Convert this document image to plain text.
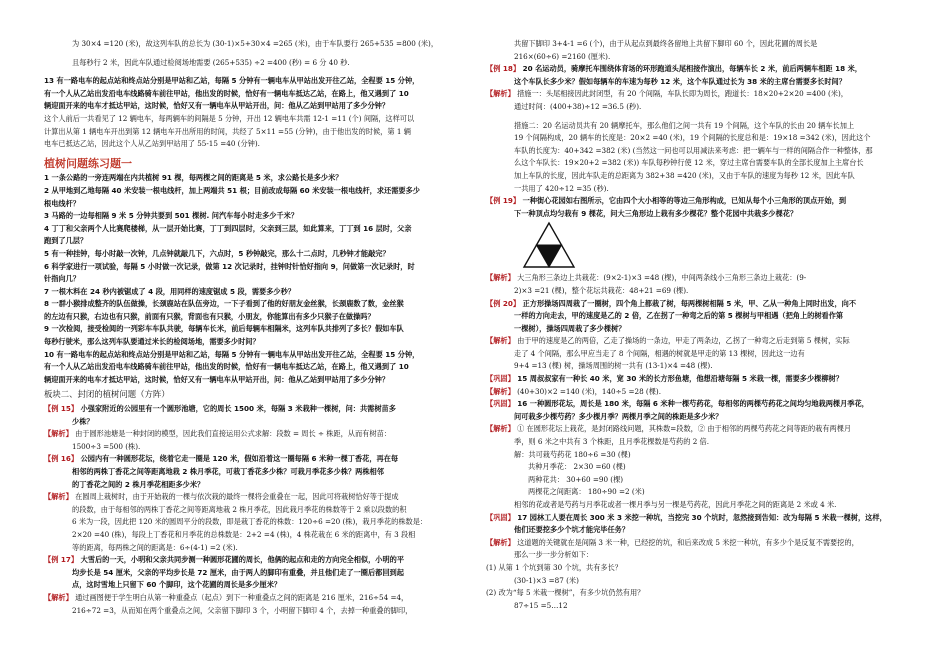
为 30×4 =120 (米)，故这列车队的总长为 (30-1)×5+30×4 =265 (米)，由于车队要行 265+535 =800 (米)，

且每秒行 2 米，因此车队通过检阅场地需要 (265+535) ÷2 =400 (秒) = 6 分 40 秒.

13 有一路电车的起点站和终点站分别是甲站和乙站，每隔 5 分钟有一辆电车从甲站出发开往乙站，全程要 15 分钟，

有一个人从乙站出发沿电车线路骑车前往甲站，他出发的时候，恰好有一辆电车抵达乙站，在路上，他又遇到了 10

辆迎面开来的电车才抵达甲站，这时候，恰好又有一辆电车从甲站开出，问：他从乙站到甲站用了多少分钟？

这个人前后一共看见了 12 辆电车，每两辆车的间隔是 5 分钟，开出 12 辆电车共需 12-1 =11 (个) 间隔，这样可以

计算出从第 1 辆电车开出到第 12 辆电车开出所用的时间，共经了 5×11 =55 (分钟)，由于他出发的时候，第 1 辆

电车已抵达乙站，因此这个人从乙站到甲站用了 55-15 =40 (分钟).

植树问题练习题一

1 一条公路的一旁连两端在内共植树 91 棵，每两棵之间的距离是 5 米，求公路长是多少米？

2 从甲地到乙地每隔 40 米安装一根电线杆，加上两端共 51 根；目前改成每隔 60 米安装一根电线杆，求还需要多少

根电线杆？

3 马路的一边每相隔 9 米 5 分钟共要到 501 棵树. 问汽车每小时走多少千米？

4 丁丁和父亲两个人比赛爬楼梯，从一层开始比赛，丁丁到四层时，父亲到三层，如此算来，丁丁到 16 层时，父亲

跑到了几层？

5 有一种挂钟，每小时敲一次钟，几点钟就敲几下，六点时，5 秒钟敲完，那么十二点时，几秒钟才能敲完？

6 科学家进行一项试验，每隔 5 小时做一次记录，做第 12 次记录时，挂钟时针恰好指向 9，问做第一次记录时，时

针指向几？

7 一根木料在 24 秒内被锯成了 4 段，用同样的速度锯成 5 段，需要多少秒？

8 一群小猴排成整齐的队伍做操，长颈鹿站在队伍旁边，一下子看到了他的好朋友金丝猴，长颈鹿数了数，金丝猴

的左边有只猴，右边也有只猴，前面有只猴，背面也有只猴，小朋友，你能算出有多少只猴子在做操吗？

9 一次检阅，接受检阅的一列彩车车队共驶，每辆车长米，前后每辆车相隔米，这列车队共排列了多长？假如车队

每秒行驶米，那么这列车队要通过米长的检阅场地，需要多少时间？

10 有一路电车的起点站和终点站分别是甲站和乙站，每隔 5 分钟有一辆电车从甲站出发开往乙站，全程要 15 分钟，

有一个人从乙站出发沿电车线路骑车前往甲站，他出发的时候，恰好有一辆电车抵达乙站，在路上，他又遇到了 10

辆迎面开来的电车才抵达甲站，这时候，恰好又有一辆电车从甲站开出，问：他从乙站到甲站用了多少分钟？

板块二、封闭的植树问题（方阵）

【例 15】 小强家附近的公园里有一个圆形池塘，它的周长 1500 米，每隔 3 米栽种一棵树，问：共需树苗多

少株？

【解析】 由于圆形池塘是一种封闭的模型，因此我们直接运用公式求解：段数 = 周长 ÷ 株距，从而有树苗：

1500÷3 =500 (株).

【例 16】 公园内有一种圆形花坛，绕着它走一圈是 120 米，假如沿着这一圈每隔 6 米种一棵丁香花，再在每

相邻的两株丁香花之间等距离地栽 2 株月季花，可栽丁香花多少株？可栽月季花多少株？两株相邻

的丁香花之间的 2 株月季花相距多少米？

【解析】 在圆周上栽树时，由于开始栽的一棵与依次栽的最终一棵将会重叠在一起，因此可将栽树恰好等于提成

的段数，由于每相邻的两株丁香花之间等距离地栽 2 株月季花，因此栽月季花的株数等于 2 乘以段数的积

6 米为一段，因此把 120 米的圆周平分的段数，即是栽丁香花的株数：120÷6 =20 (株)，栽月季花的株数是：

2×20 =40 (株)，每段上丁香花和月季花的总株数是：2+2 =4 (株)，4 株花栽在 6 米的距离中，有 3 段相

等的距离，每两株之间的距离是：6÷(4-1) =2 (米).

【例 17】 大雪后的一天，小明和父亲共同步测一种圆形花圃的周长，他俩的起点和走的方向完全相似，小明的平

均步长是 54 厘米，父亲的平均步长是 72 厘米，由于两人的脚印有重叠，并且他们走了一圈后都回到起

点，这时雪地上只留下 60 个脚印，这个花圃的周长是多少厘米？

【解析】 通过画图便于学生明白从第一种重叠点（起点）到下一种重叠点之间的距离是 216 厘米，216÷54 =4，

216÷72 =3，从而知在两个重叠点之间，父亲留下脚印 3 个，小明留下脚印 4 个，去掉一种重叠的脚印，

共留下脚印 3+4-1 =6 (个)，由于从起点到最终各留地上共留下脚印 60 个，因此花圃的周长是

216×(60÷6) =2160 (厘米).

【例 18】 20 名运动员，骑摩托车围绕体育场的环形跑道头尾相接作演出，每辆车长 2 米，前后两辆车相距 18 米，

这个车队长多少米？假如每辆车的车速为每秒 12 米，这个车队通过长为 38 米的主席台需要多长时间？

【解析】 措施一：头尾相接因此封闭型，有 20 个间隔，车队长即为周长，跑道长：18×20+2×20 =400 (米)，

通过时间：(400+38)÷12 =36.5 (秒).

措施二：20 名运动员共有 20 辆摩托车，那么他们之间一共有 19 个间隔，这个车队的长由 20 辆车长加上

19 个间隔构成，20 辆车的长度是：20×2 =40 (米)，19 个间隔的长度总和是：19×18 =342 (米)，因此这个

车队的长度为：40+342 =382 (米) (当然这一问也可以用减法来考虑：把一辆车与一样的间隔合作一种整体，那

么这个车队长：19×20+2 =382 (米)) 车队每秒钟行使 12 米，穿过主席台需要车队的全部长度加上主席台长

加上车队的长度，因此车队走的总距离为 382+38 =420 (米)，又由于车队的速度为每秒 12 米，因此车队

一共用了 420÷12 =35 (秒).

【例 19】 一种街心花园如右图所示，它由四个大小相等的等边三角形构成，已知从每个小三角形的顶点开始，到

下一种顶点均匀栽有 9 棵花，问大三角形边上栽有多少棵花？整个花园中共栽多少棵花？

【解析】 大三角形三条边上共栽花：(9×2-1)×3 =48 (棵)，中间两条线小三角形三条边上栽花：(9-

2)×3 =21 (棵)，整个花坛共栽花：48+21 =69 (棵).

【例 20】 正方形操场四周栽了一圈树，四个角上都栽了树，每两棵树相隔 5 米，甲、乙从一种角上同时出发，向不

一样的方向走去，甲的速度是乙的 2 倍，乙在拐了一种弯之后的第 5 棵树与甲相遇（把角上的树看作第

一棵树），操场四周栽了多少棵树？

【解析】 由于甲的速度是乙的两倍，乙走了操场的一条边，甲走了两条边，乙拐了一种弯之后走到第 5 棵树，实际

走了 4 个间隔，那么甲应当走了 8 个间隔，相遇的树就是甲走的第 13 棵树，因此这一边有

9+4 =13 (棵) 树，操场周围的树一共有 (13-1)×4 =48 (棵).

【巩固】 15 周叔叔家有一种长 40 米，宽 30 米的长方形鱼塘，他想沿塘每隔 5 米栽一棵，需要多少棵柳树？

【解析】 (40+30)×2 =140 (米)，140÷5 =28 (棵).

【巩固】 16 一种圆形花坛，周长是 180 米，每隔 6 米种一棵芍药花，每相邻的两棵芍药花之间均匀地栽两棵月季花，

问可栽多少棵芍药？多少棵月季？两棵月季之间的株距是多少米？

【解析】 ① 在圆形花坛上栽花，是封闭路线问题，其株数=段数，② 由于相邻的两棵芍药花之间等距的栽有两棵月

季，则 6 米之中共有 3 个株距，且月季花棵数是芍药的 2 倍.

解：共可栽芍药花 180÷6 =30 (棵)

共种月季花： 2×30 =60 (棵)

两种花共： 30+60 =90 (棵)

两棵花之间距离： 180÷90 =2 (米)

相邻的花或者是芍药与月季花或者一棵月季与另一棵是芍药花，因此月季花之间的距离是 2 米或 4 米.

【巩固】 17 园林工人要在周长 300 米 3 米挖一种坑，当挖完 30 个坑时，忽然接到告知：改为每隔 5 米栽一棵树，这样，

他们还要挖多少个坑才能完毕任务？

【解析】 这道题的关键就在是间隔 3 米一种，已经挖的坑，和后来改成 5 米挖一种坑，有多少个是反复不需要挖的，

那么一步一步分析如下：

(1) 从第 1 个坑到第 30 个坑，共有多长？

(30-1)×3 =87 (米)

(2) 改为“每 5 米栽一棵树”，有多少坑仍然有用？

87÷15 =5…12
